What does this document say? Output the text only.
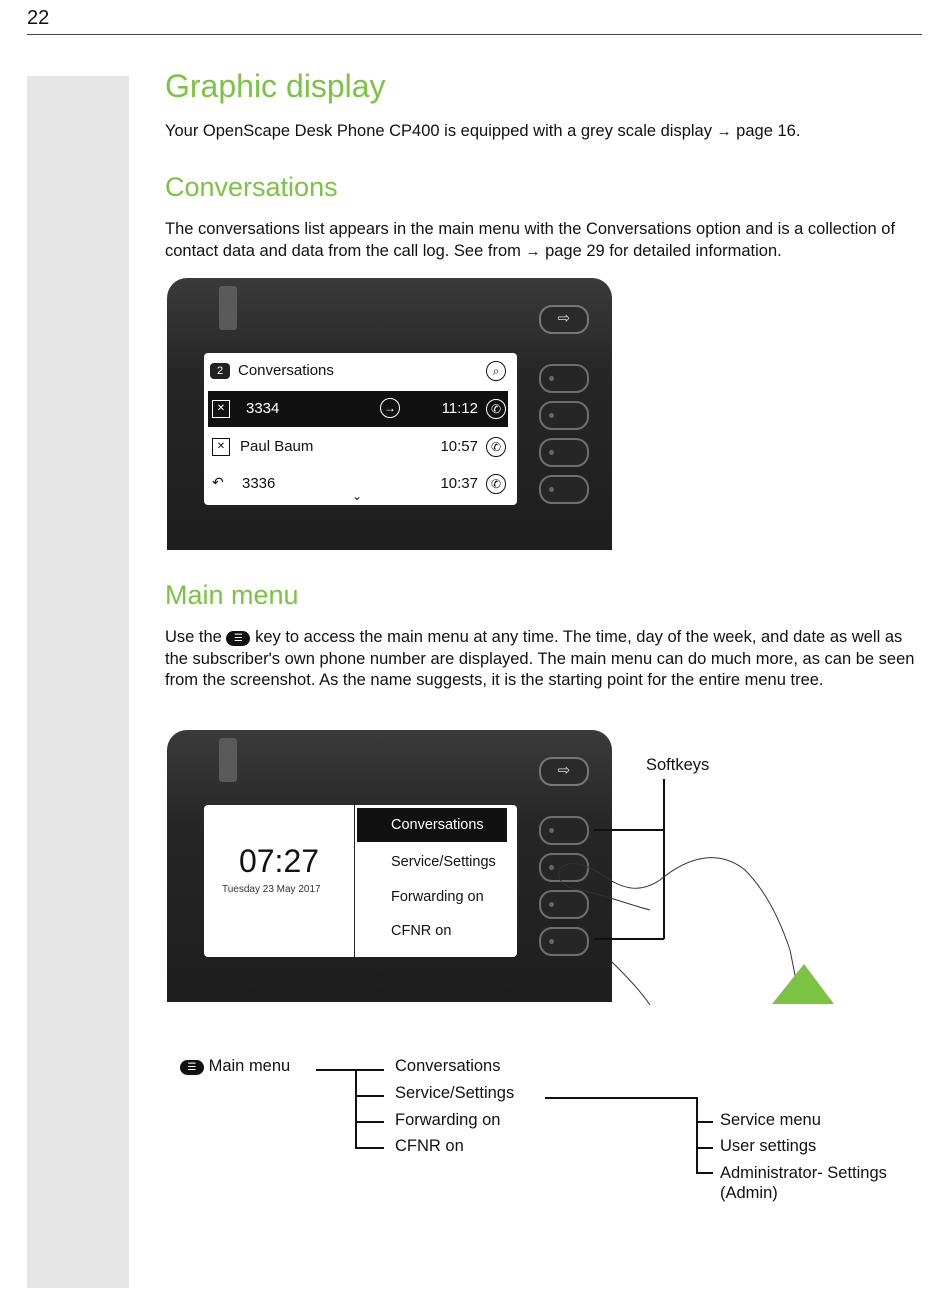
22
Graphic display

Your OpenScape Desk Phone CP400 is equipped with a grey scale display → page 16.

Conversations

The conversations list appears in the main menu with the Conversations option and is a collection of contact data and data from the call log. See from → page 29 for detailed information.

⇨
2 Conversations	⌕
✕	3334	→	11:12	✆
✕ Paul Baum	10:57	✆
↶ 3336	10:37	✆
⌄
Main menu

Use the ☰ key to access the main menu at any time. The time, day of the week, and date as well as the subscriber's own phone number are displayed. The main menu can do much more, as can be seen from the screenshot. As the name suggests, it is the starting point for the entire menu tree.

⇨
07:27
Tuesday 23 May 2017
Conversations
Service/Settings
Forwarding on
CFNR on
Softkeys
☰ Main menu	Conversations
Service/Settings
Forwarding on
CFNR on
Service menu
User settings
Administrator- Settings
(Admin)
